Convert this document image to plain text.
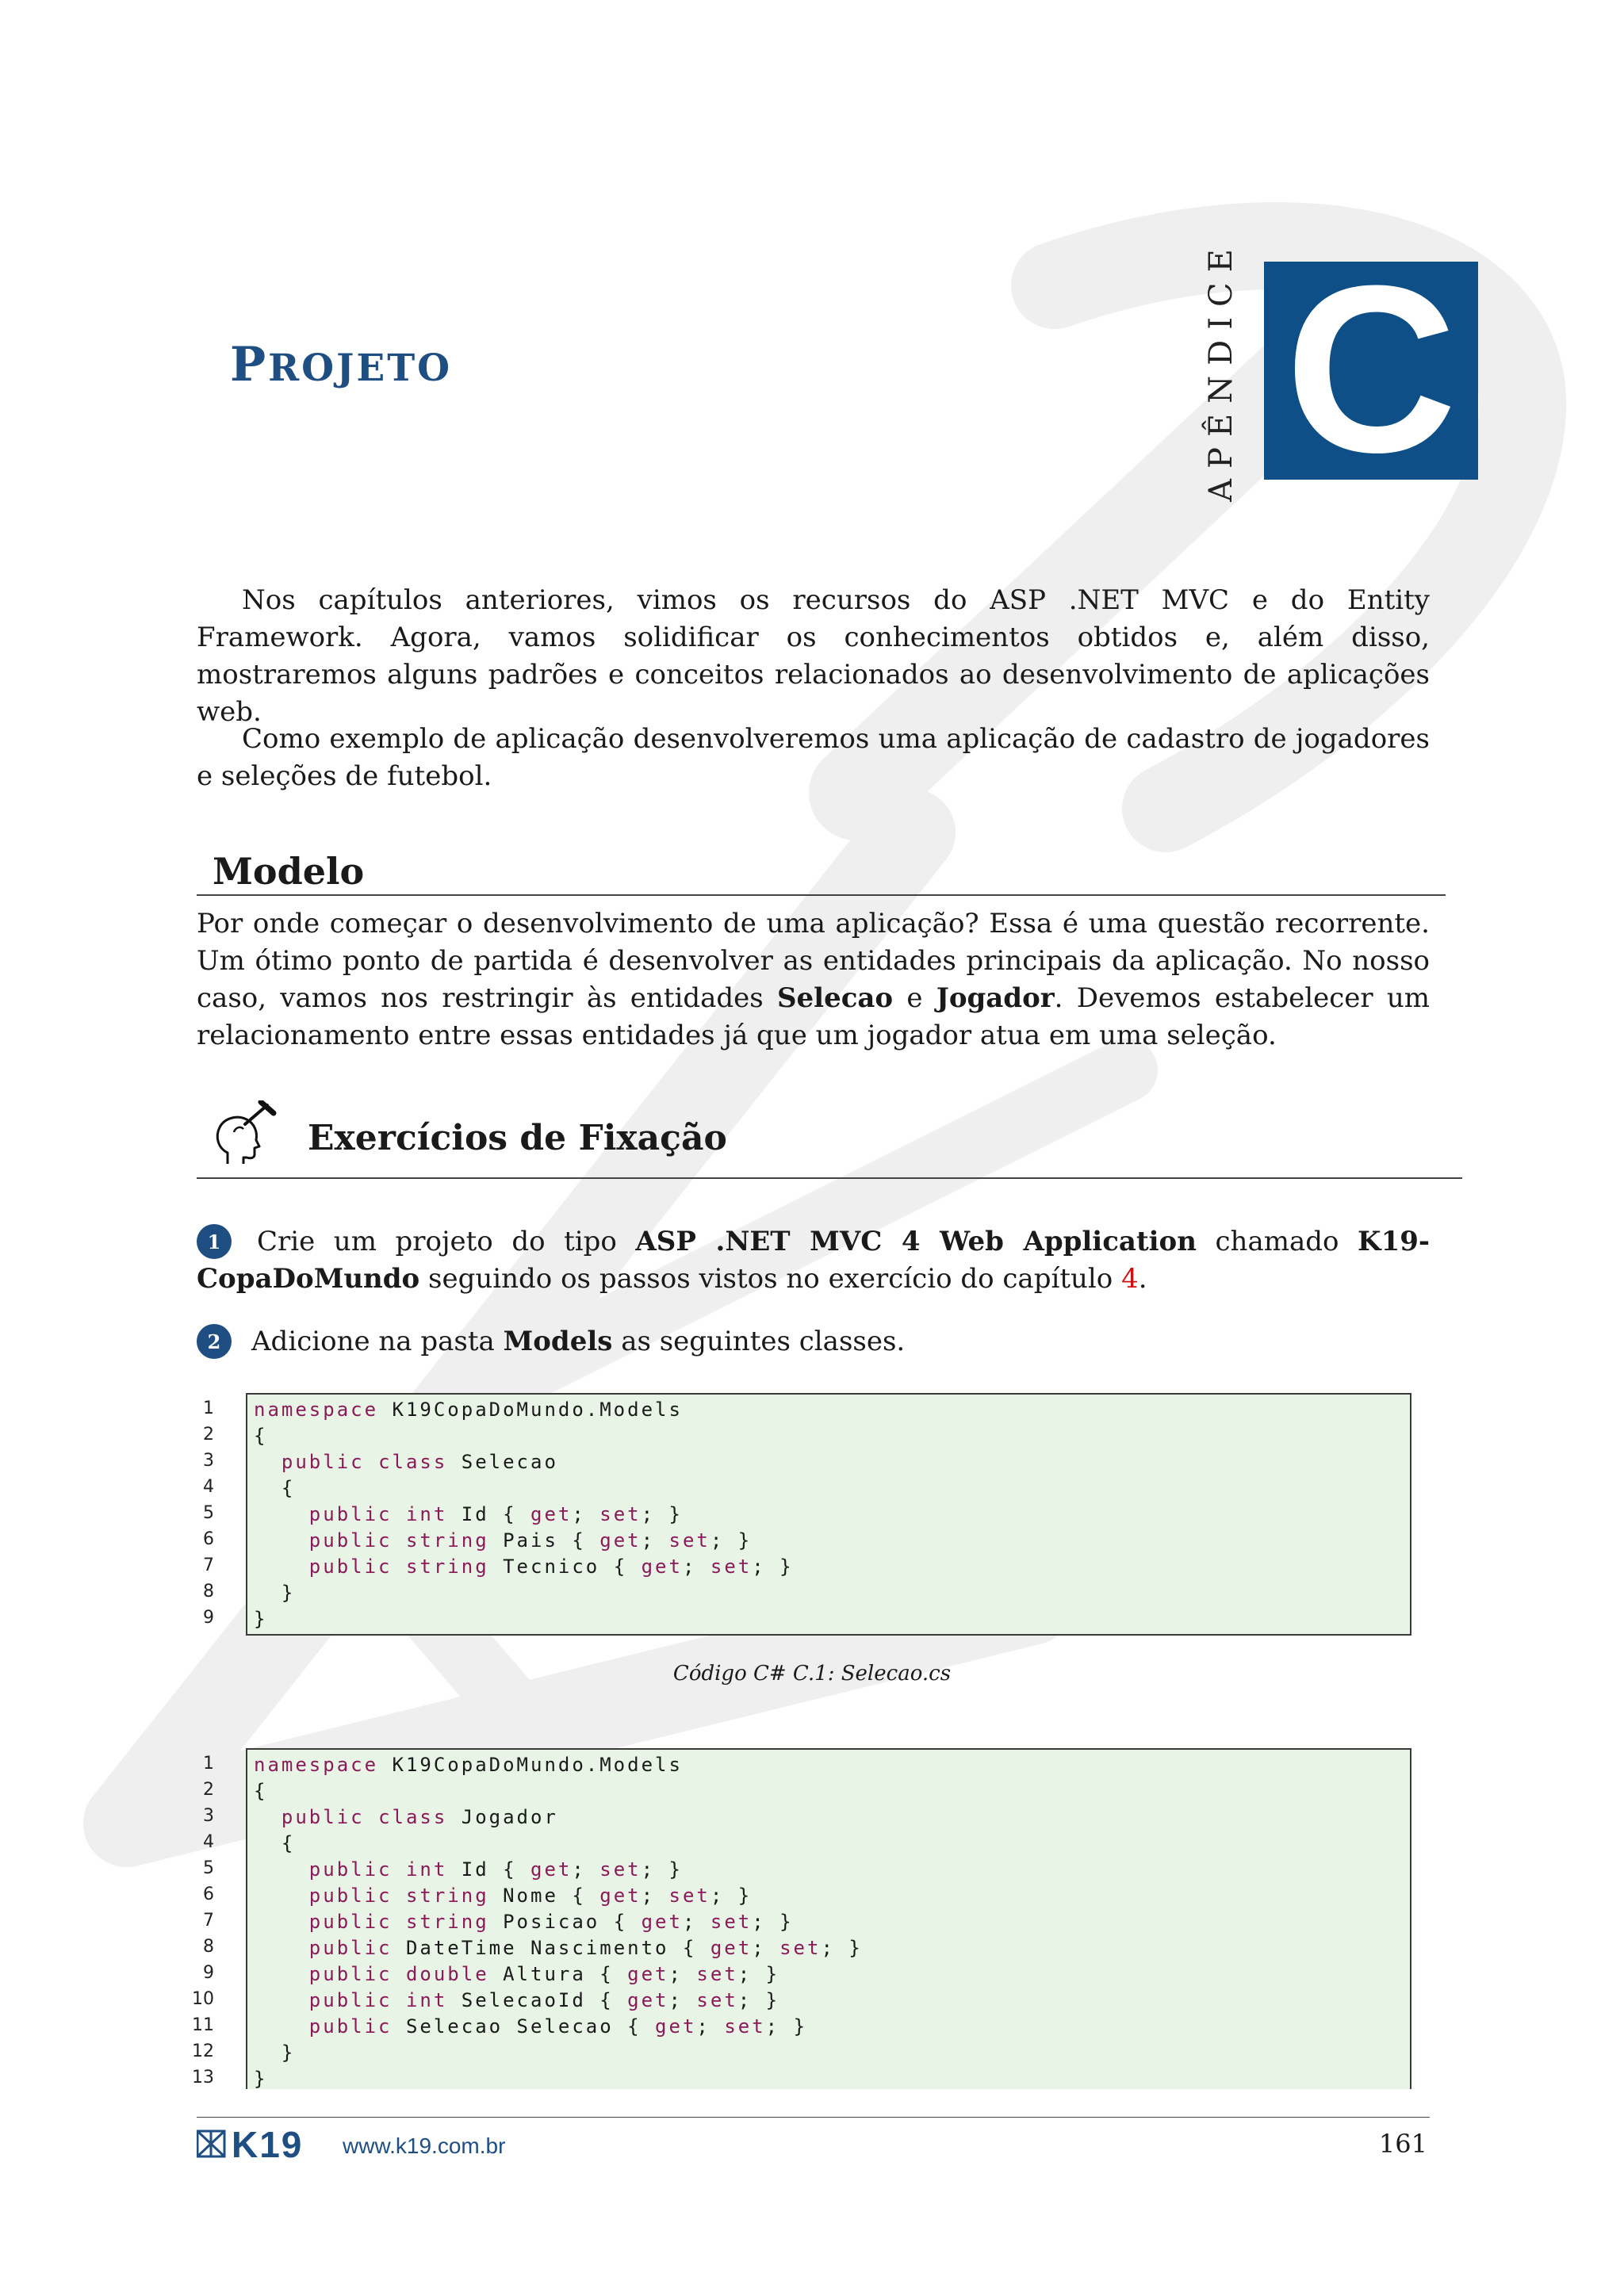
PROJETO	APÊNDICE C

Nos capítulos anteriores, vimos os recursos do ASP .NET MVC e do Entity Framework. Agora, vamos solidificar os conhecimentos obtidos e, além disso, mostraremos alguns padrões e conceitos relacionados ao desenvolvimento de aplicações web.

Como exemplo de aplicação desenvolveremos uma aplicação de cadastro de jogadores e seleções de futebol.

Modelo

Por onde começar o desenvolvimento de uma aplicação? Essa é uma questão recorrente. Um ótimo ponto de partida é desenvolver as entidades principais da aplicação. No nosso caso, vamos nos restringir às entidades Selecao e Jogador. Devemos estabelecer um relacionamento entre essas entidades já que um jogador atua em uma seleção.

Exercícios de Fixação
1	Crie um projeto do tipo ASP .NET MVC 4 Web Application chamado K19-CopaDoMundo seguindo os passos vistos no exercício do capítulo 4.

2	Adicione na pasta Models as seguintes classes.

1
2
3
4
5
6
7
8
9
namespace K19CopaDoMundo.Models
{
public class Selecao
{
public int Id { get; set; }
public string Pais { get; set; }
public string Tecnico { get; set; }
}
}
Código C# C.1: Selecao.cs
1
2
3
4
5
6
7
8
9
10
11
12
13
namespace K19CopaDoMundo.Models
{
public class Jogador
{
public int Id { get; set; }
public string Nome { get; set; }
public string Posicao { get; set; }
public DateTime Nascimento { get; set; }
public double Altura { get; set; }
public int SelecaoId { get; set; }
public Selecao Selecao { get; set; }
}
}
K19 www.k19.com.br	161
